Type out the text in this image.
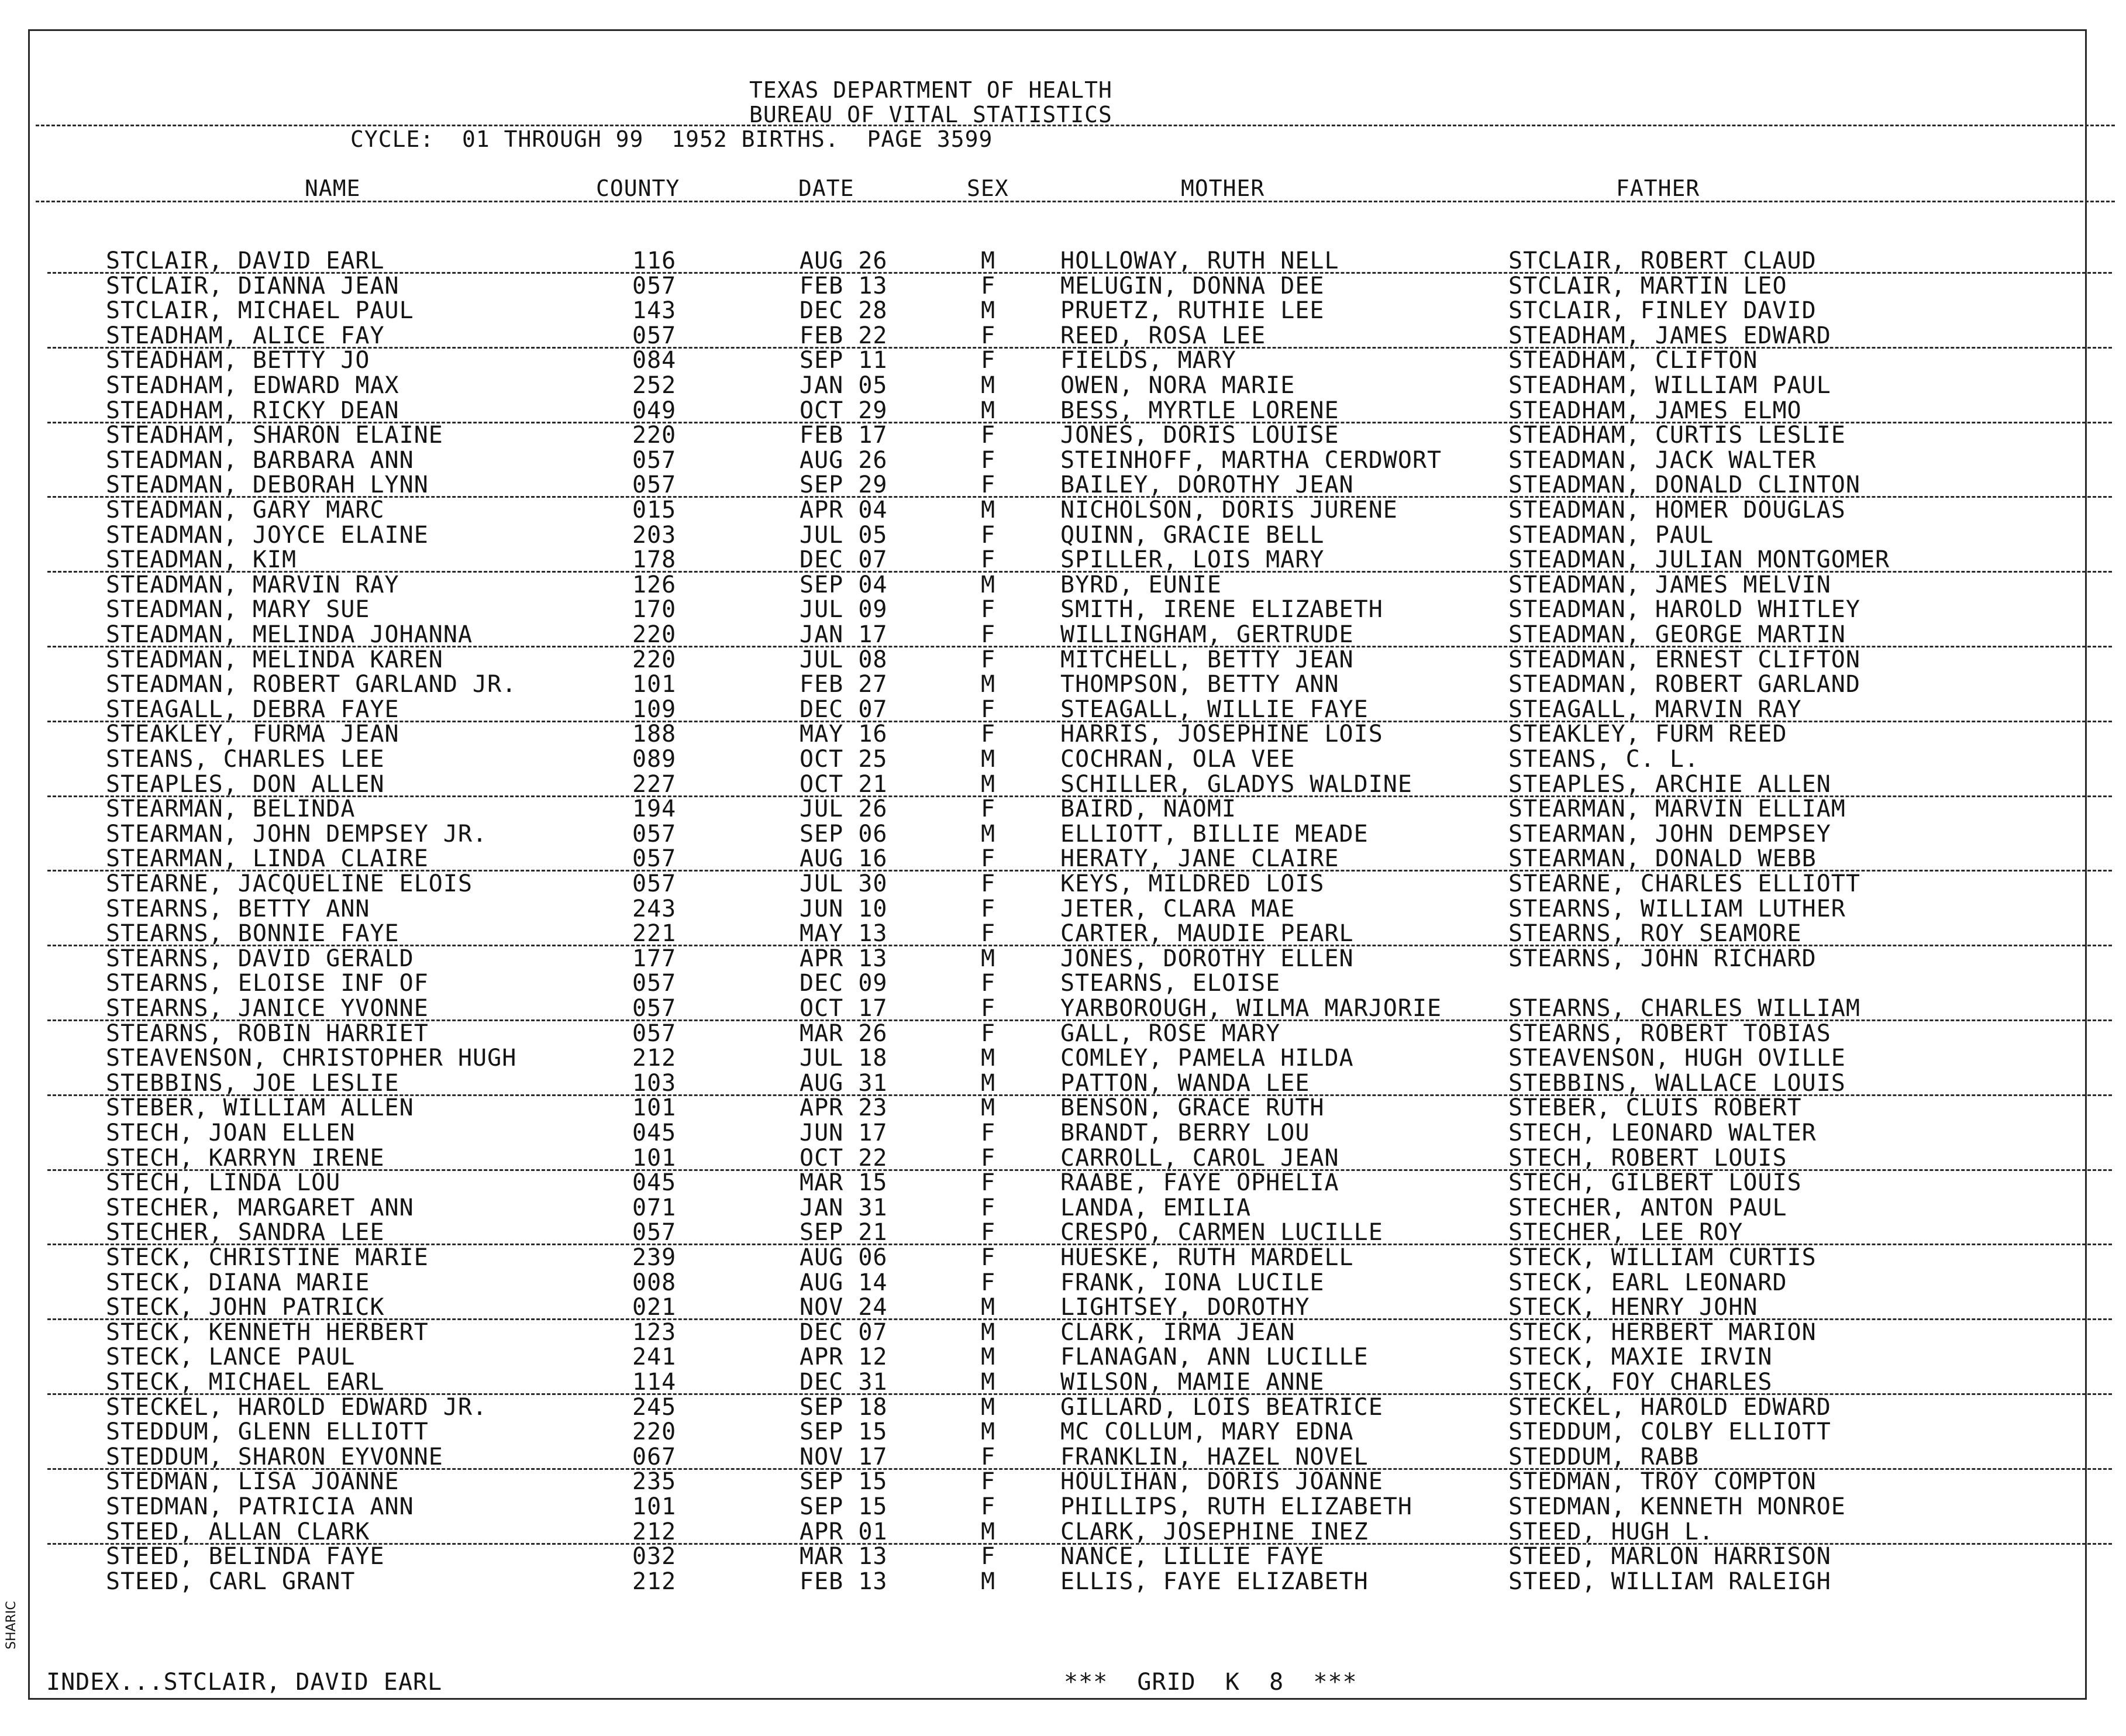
TEXAS DEPARTMENT OF HEALTH
BUREAU OF VITAL STATISTICS
CYCLE:  01 THROUGH 99  1952 BIRTHS.  PAGE 3599
NAME	COUNTY	DATE	SEX	MOTHER	FATHER
STCLAIR, DAVID EARL	116	AUG 26	M	HOLLOWAY, RUTH NELL	STCLAIR, ROBERT CLAUD
STCLAIR, DIANNA JEAN	057	FEB 13	F	MELUGIN, DONNA DEE	STCLAIR, MARTIN LEO
STCLAIR, MICHAEL PAUL	143	DEC 28	M	PRUETZ, RUTHIE LEE	STCLAIR, FINLEY DAVID
STEADHAM, ALICE FAY	057	FEB 22	F	REED, ROSA LEE	STEADHAM, JAMES EDWARD
STEADHAM, BETTY JO	084	SEP 11	F	FIELDS, MARY	STEADHAM, CLIFTON
STEADHAM, EDWARD MAX	252	JAN 05	M	OWEN, NORA MARIE	STEADHAM, WILLIAM PAUL
STEADHAM, RICKY DEAN	049	OCT 29	M	BESS, MYRTLE LORENE	STEADHAM, JAMES ELMO
STEADHAM, SHARON ELAINE	220	FEB 17	F	JONES, DORIS LOUISE	STEADHAM, CURTIS LESLIE
STEADMAN, BARBARA ANN	057	AUG 26	F	STEINHOFF, MARTHA CERDWORT	STEADMAN, JACK WALTER
STEADMAN, DEBORAH LYNN	057	SEP 29	F	BAILEY, DOROTHY JEAN	STEADMAN, DONALD CLINTON
STEADMAN, GARY MARC	015	APR 04	M	NICHOLSON, DORIS JURENE	STEADMAN, HOMER DOUGLAS
STEADMAN, JOYCE ELAINE	203	JUL 05	F	QUINN, GRACIE BELL	STEADMAN, PAUL
STEADMAN, KIM	178	DEC 07	F	SPILLER, LOIS MARY	STEADMAN, JULIAN MONTGOMER
STEADMAN, MARVIN RAY	126	SEP 04	M	BYRD, EUNIE	STEADMAN, JAMES MELVIN
STEADMAN, MARY SUE	170	JUL 09	F	SMITH, IRENE ELIZABETH	STEADMAN, HAROLD WHITLEY
STEADMAN, MELINDA JOHANNA	220	JAN 17	F	WILLINGHAM, GERTRUDE	STEADMAN, GEORGE MARTIN
STEADMAN, MELINDA KAREN	220	JUL 08	F	MITCHELL, BETTY JEAN	STEADMAN, ERNEST CLIFTON
STEADMAN, ROBERT GARLAND JR.	101	FEB 27	M	THOMPSON, BETTY ANN	STEADMAN, ROBERT GARLAND
STEAGALL, DEBRA FAYE	109	DEC 07	F	STEAGALL, WILLIE FAYE	STEAGALL, MARVIN RAY
STEAKLEY, FURMA JEAN	188	MAY 16	F	HARRIS, JOSEPHINE LOIS	STEAKLEY, FURM REED
STEANS, CHARLES LEE	089	OCT 25	M	COCHRAN, OLA VEE	STEANS, C. L.
STEAPLES, DON ALLEN	227	OCT 21	M	SCHILLER, GLADYS WALDINE	STEAPLES, ARCHIE ALLEN
STEARMAN, BELINDA	194	JUL 26	F	BAIRD, NAOMI	STEARMAN, MARVIN ELLIAM
STEARMAN, JOHN DEMPSEY JR.	057	SEP 06	M	ELLIOTT, BILLIE MEADE	STEARMAN, JOHN DEMPSEY
STEARMAN, LINDA CLAIRE	057	AUG 16	F	HERATY, JANE CLAIRE	STEARMAN, DONALD WEBB
STEARNE, JACQUELINE ELOIS	057	JUL 30	F	KEYS, MILDRED LOIS	STEARNE, CHARLES ELLIOTT
STEARNS, BETTY ANN	243	JUN 10	F	JETER, CLARA MAE	STEARNS, WILLIAM LUTHER
STEARNS, BONNIE FAYE	221	MAY 13	F	CARTER, MAUDIE PEARL	STEARNS, ROY SEAMORE
STEARNS, DAVID GERALD	177	APR 13	M	JONES, DOROTHY ELLEN	STEARNS, JOHN RICHARD
STEARNS, ELOISE INF OF	057	DEC 09	F	STEARNS, ELOISE
STEARNS, JANICE YVONNE	057	OCT 17	F	YARBOROUGH, WILMA MARJORIE	STEARNS, CHARLES WILLIAM
STEARNS, ROBIN HARRIET	057	MAR 26	F	GALL, ROSE MARY	STEARNS, ROBERT TOBIAS
STEAVENSON, CHRISTOPHER HUGH	212	JUL 18	M	COMLEY, PAMELA HILDA	STEAVENSON, HUGH OVILLE
STEBBINS, JOE LESLIE	103	AUG 31	M	PATTON, WANDA LEE	STEBBINS, WALLACE LOUIS
STEBER, WILLIAM ALLEN	101	APR 23	M	BENSON, GRACE RUTH	STEBER, CLUIS ROBERT
STECH, JOAN ELLEN	045	JUN 17	F	BRANDT, BERRY LOU	STECH, LEONARD WALTER
STECH, KARRYN IRENE	101	OCT 22	F	CARROLL, CAROL JEAN	STECH, ROBERT LOUIS
STECH, LINDA LOU	045	MAR 15	F	RAABE, FAYE OPHELIA	STECH, GILBERT LOUIS
STECHER, MARGARET ANN	071	JAN 31	F	LANDA, EMILIA	STECHER, ANTON PAUL
STECHER, SANDRA LEE	057	SEP 21	F	CRESPO, CARMEN LUCILLE	STECHER, LEE ROY
STECK, CHRISTINE MARIE	239	AUG 06	F	HUESKE, RUTH MARDELL	STECK, WILLIAM CURTIS
STECK, DIANA MARIE	008	AUG 14	F	FRANK, IONA LUCILE	STECK, EARL LEONARD
STECK, JOHN PATRICK	021	NOV 24	M	LIGHTSEY, DOROTHY	STECK, HENRY JOHN
STECK, KENNETH HERBERT	123	DEC 07	M	CLARK, IRMA JEAN	STECK, HERBERT MARION
STECK, LANCE PAUL	241	APR 12	M	FLANAGAN, ANN LUCILLE	STECK, MAXIE IRVIN
STECK, MICHAEL EARL	114	DEC 31	M	WILSON, MAMIE ANNE	STECK, FOY CHARLES
STECKEL, HAROLD EDWARD JR.	245	SEP 18	M	GILLARD, LOIS BEATRICE	STECKEL, HAROLD EDWARD
STEDDUM, GLENN ELLIOTT	220	SEP 15	M	MC COLLUM, MARY EDNA	STEDDUM, COLBY ELLIOTT
STEDDUM, SHARON EYVONNE	067	NOV 17	F	FRANKLIN, HAZEL NOVEL	STEDDUM, RABB
STEDMAN, LISA JOANNE	235	SEP 15	F	HOULIHAN, DORIS JOANNE	STEDMAN, TROY COMPTON
STEDMAN, PATRICIA ANN	101	SEP 15	F	PHILLIPS, RUTH ELIZABETH	STEDMAN, KENNETH MONROE
STEED, ALLAN CLARK	212	APR 01	M	CLARK, JOSEPHINE INEZ	STEED, HUGH L.
STEED, BELINDA FAYE	032	MAR 13	F	NANCE, LILLIE FAYE	STEED, MARLON HARRISON
STEED, CARL GRANT	212	FEB 13	M	ELLIS, FAYE ELIZABETH	STEED, WILLIAM RALEIGH
INDEX...STCLAIR, DAVID EARL	***  GRID  K  8  ***
SHARIC
